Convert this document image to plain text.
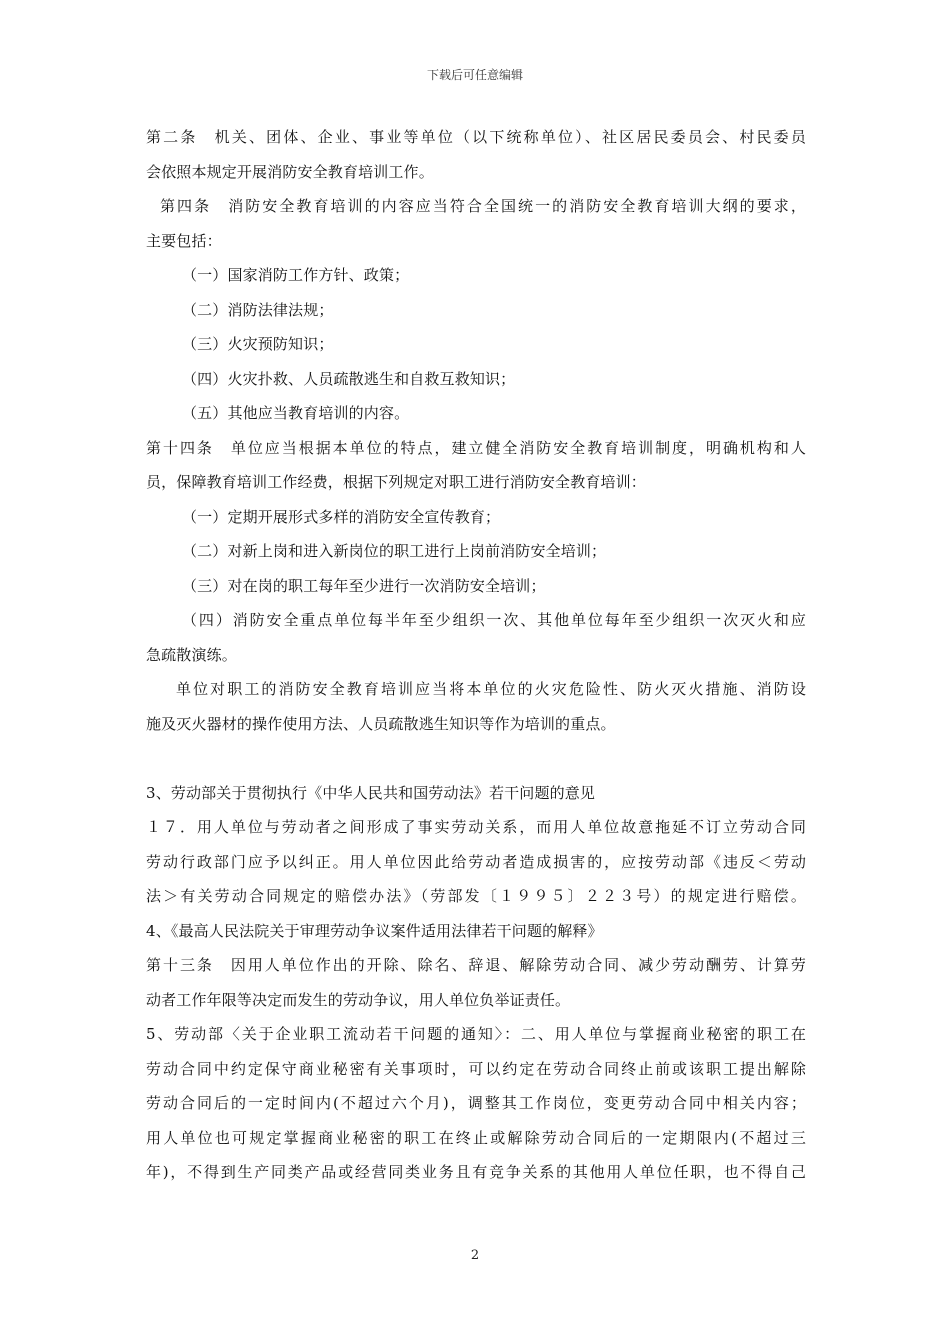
下载后可任意编辑
第二条　机关、团体、企业、事业等单位（以下统称单位）、社区居民委员会、村民委员
会依照本规定开展消防安全教育培训工作。
第四条　消防安全教育培训的内容应当符合全国统一的消防安全教育培训大纲的要求，
主要包括：
（一）国家消防工作方针、政策；
（二）消防法律法规；
（三）火灾预防知识；
（四）火灾扑救、人员疏散逃生和自救互救知识；
（五）其他应当教育培训的内容。
第十四条　单位应当根据本单位的特点，建立健全消防安全教育培训制度，明确机构和人
员，保障教育培训工作经费，根据下列规定对职工进行消防安全教育培训：
（一）定期开展形式多样的消防安全宣传教育；
（二）对新上岗和进入新岗位的职工进行上岗前消防安全培训；
（三）对在岗的职工每年至少进行一次消防安全培训；
（四）消防安全重点单位每半年至少组织一次、其他单位每年至少组织一次灭火和应
急疏散演练。
单位对职工的消防安全教育培训应当将本单位的火灾危险性、防火灭火措施、消防设
施及灭火器材的操作使用方法、人员疏散逃生知识等作为培训的重点。
3、劳动部关于贯彻执行《中华人民共和国劳动法》若干问题的意见
１７．用人单位与劳动者之间形成了事实劳动关系，而用人单位故意拖延不订立劳动合同
劳动行政部门应予以纠正。用人单位因此给劳动者造成损害的，应按劳动部《违反＜劳动
法＞有关劳动合同规定的赔偿办法》（劳部发〔１９９５〕２２３号）的规定进行赔偿。
4、《最高人民法院关于审理劳动争议案件适用法律若干问题的解释》
第十三条　因用人单位作出的开除、除名、辞退、解除劳动合同、减少劳动酬劳、计算劳
动者工作年限等决定而发生的劳动争议，用人单位负举证责任。
5、劳动部〈关于企业职工流动若干问题的通知〉：二、用人单位与掌握商业秘密的职工在
劳动合同中约定保守商业秘密有关事项时，可以约定在劳动合同终止前或该职工提出解除
劳动合同后的一定时间内(不超过六个月)，调整其工作岗位，变更劳动合同中相关内容；
用人单位也可规定掌握商业秘密的职工在终止或解除劳动合同后的一定期限内(不超过三
年)，不得到生产同类产品或经营同类业务且有竞争关系的其他用人单位任职，也不得自己
2
